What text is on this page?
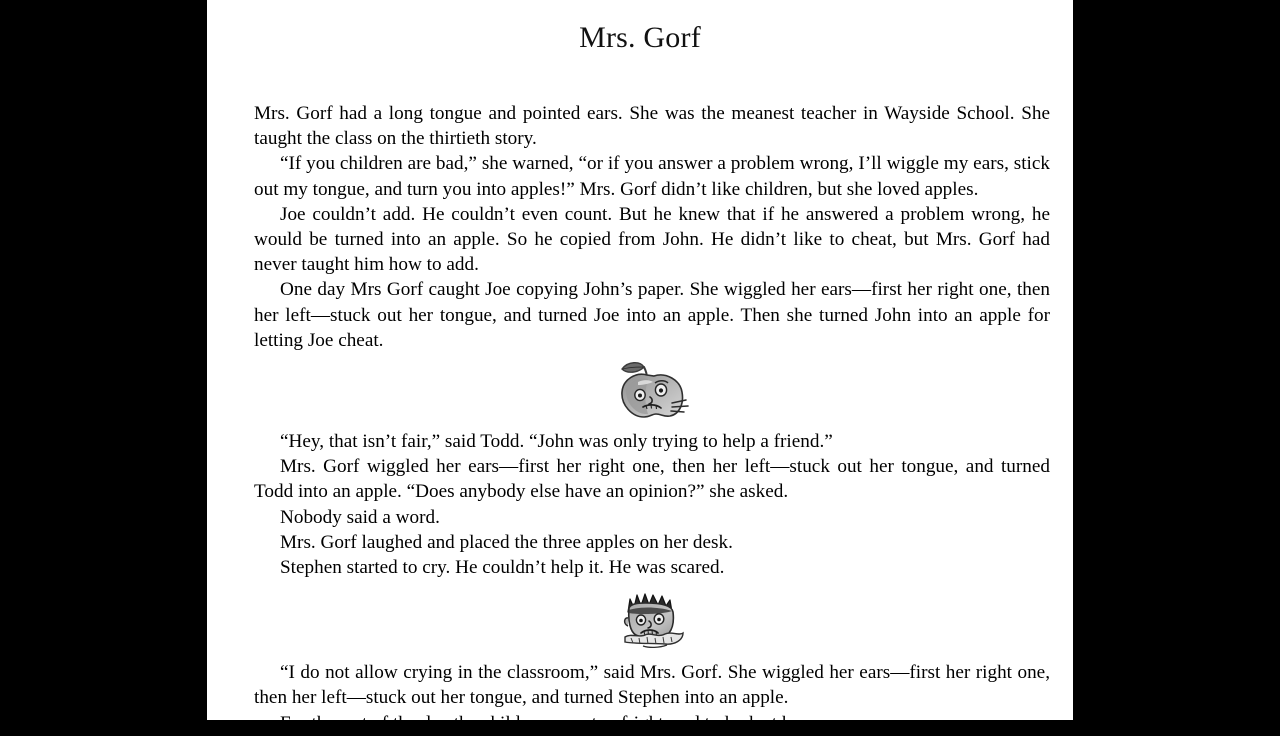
Mrs. Gorf

Mrs. Gorf had a long tongue and pointed ears. She was the meanest teacher in Wayside School. She taught the class on the thirtieth story.

“If you children are bad,” she warned, “or if you answer a problem wrong, I’ll wiggle my ears, stick out my tongue, and turn you into apples!” Mrs. Gorf didn’t like children, but she loved apples.

Joe couldn’t add. He couldn’t even count. But he knew that if he answered a problem wrong, he would be turned into an apple. So he copied from John. He didn’t like to cheat, but Mrs. Gorf had never taught him how to add.

One day Mrs Gorf caught Joe copying John’s paper. She wiggled her ears—first her right one, then her left—stuck out her tongue, and turned Joe into an apple. Then she turned John into an apple for letting Joe cheat.

“Hey, that isn’t fair,” said Todd. “John was only trying to help a friend.”

Mrs. Gorf wiggled her ears—first her right one, then her left—stuck out her tongue, and turned Todd into an apple. “Does anybody else have an opinion?” she asked.

Nobody said a word.

Mrs. Gorf laughed and placed the three apples on her desk.

Stephen started to cry. He couldn’t help it. He was scared.

“I do not allow crying in the classroom,” said Mrs. Gorf. She wiggled her ears—first her right one, then her left—stuck out her tongue, and turned Stephen into an apple.

For the rest of the day the children were too frightened to look at her.
